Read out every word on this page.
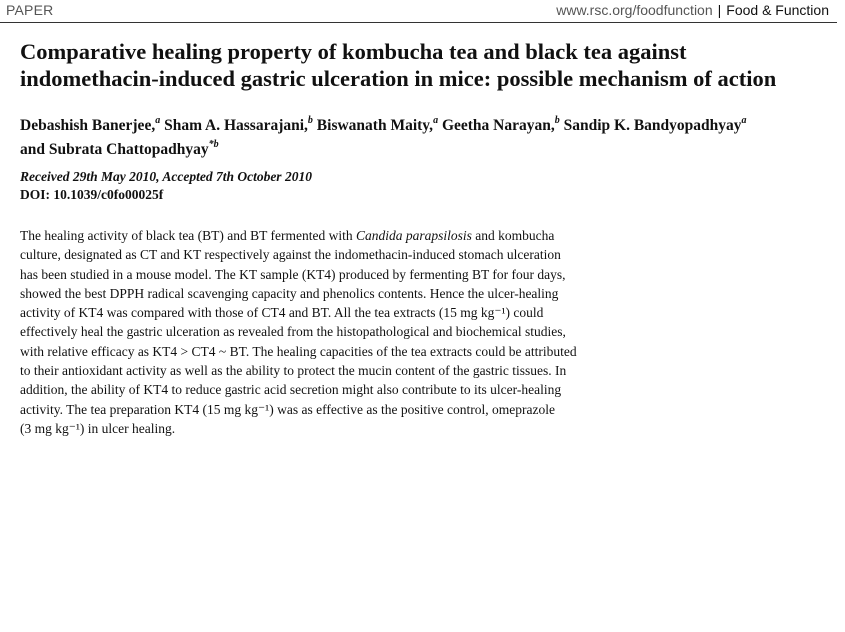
PAPER	www.rsc.org/foodfunction | Food & Function
Comparative healing property of kombucha tea and black tea against
indomethacin-induced gastric ulceration in mice: possible mechanism of action
Debashish Banerjee,$^a$ Sham A. Hassarajani,$^b$ Biswanath Maity,$^a$ Geetha Narayan,$^b$ Sandip K. Bandyopadhyay$^a$
and Subrata Chattopadhyay$^{*b}$
Received 29th May 2010, Accepted 7th October 2010
DOI: 10.1039/c0fo00025f
The healing activity of black tea (BT) and BT fermented with Candida parapsilosis and kombucha
culture, designated as CT and KT respectively against the indomethacin-induced stomach ulceration
has been studied in a mouse model. The KT sample (KT4) produced by fermenting BT for four days,
showed the best DPPH radical scavenging capacity and phenolics contents. Hence the ulcer-healing
activity of KT4 was compared with those of CT4 and BT. All the tea extracts (15 mg kg⁻¹) could
effectively heal the gastric ulceration as revealed from the histopathological and biochemical studies,
with relative efficacy as KT4 > CT4 ~ BT. The healing capacities of the tea extracts could be attributed
to their antioxidant activity as well as the ability to protect the mucin content of the gastric tissues. In
addition, the ability of KT4 to reduce gastric acid secretion might also contribute to its ulcer-healing
activity. The tea preparation KT4 (15 mg kg⁻¹) was as effective as the positive control, omeprazole
(3 mg kg⁻¹) in ulcer healing.
